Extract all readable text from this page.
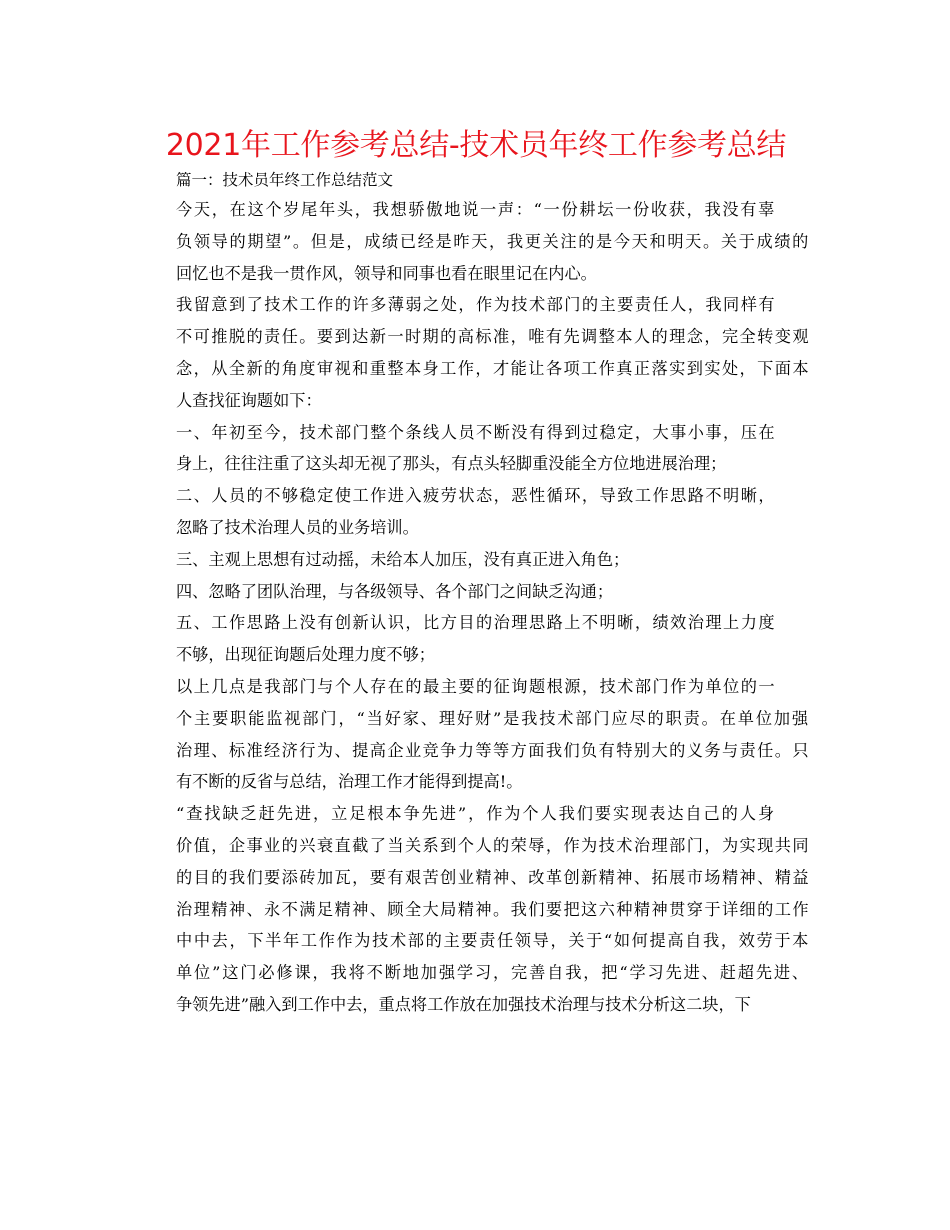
2021年工作参考总结-技术员年终工作参考总结

篇一：技术员年终工作总结范文

今天，在这个岁尾年头，我想骄傲地说一声：“一份耕坛一份收获，我没有辜
负领导的期望”。但是，成绩已经是昨天，我更关注的是今天和明天。关于成绩的
回忆也不是我一贯作风，领导和同事也看在眼里记在内心。

我留意到了技术工作的许多薄弱之处，作为技术部门的主要责任人，我同样有
不可推脱的责任。要到达新一时期的高标准，唯有先调整本人的理念，完全转变观
念，从全新的角度审视和重整本身工作，才能让各项工作真正落实到实处，下面本
人查找征询题如下：

一、年初至今，技术部门整个条线人员不断没有得到过稳定，大事小事，压在
身上，往往注重了这头却无视了那头，有点头轻脚重没能全方位地进展治理；

二、人员的不够稳定使工作进入疲劳状态，恶性循环，导致工作思路不明晰，
忽略了技术治理人员的业务培训。

三、主观上思想有过动摇，未给本人加压，没有真正进入角色；

四、忽略了团队治理，与各级领导、各个部门之间缺乏沟通；

五、工作思路上没有创新认识，比方目的治理思路上不明晰，绩效治理上力度
不够，出现征询题后处理力度不够；

以上几点是我部门与个人存在的最主要的征询题根源，技术部门作为单位的一
个主要职能监视部门，“当好家、理好财”是我技术部门应尽的职责。在单位加强
治理、标准经济行为、提高企业竞争力等等方面我们负有特别大的义务与责任。只
有不断的反省与总结，治理工作才能得到提高!。

“查找缺乏赶先进，立足根本争先进”，作为个人我们要实现表达自己的人身
价值，企事业的兴衰直截了当关系到个人的荣辱，作为技术治理部门，为实现共同
的目的我们要添砖加瓦，要有艰苦创业精神、改革创新精神、拓展市场精神、精益
治理精神、永不满足精神、顾全大局精神。我们要把这六种精神贯穿于详细的工作
中中去，下半年工作作为技术部的主要责任领导，关于“如何提高自我，效劳于本
单位”这门必修课，我将不断地加强学习，完善自我，把“学习先进、赶超先进、
争领先进”融入到工作中去，重点将工作放在加强技术治理与技术分析这二块，下
